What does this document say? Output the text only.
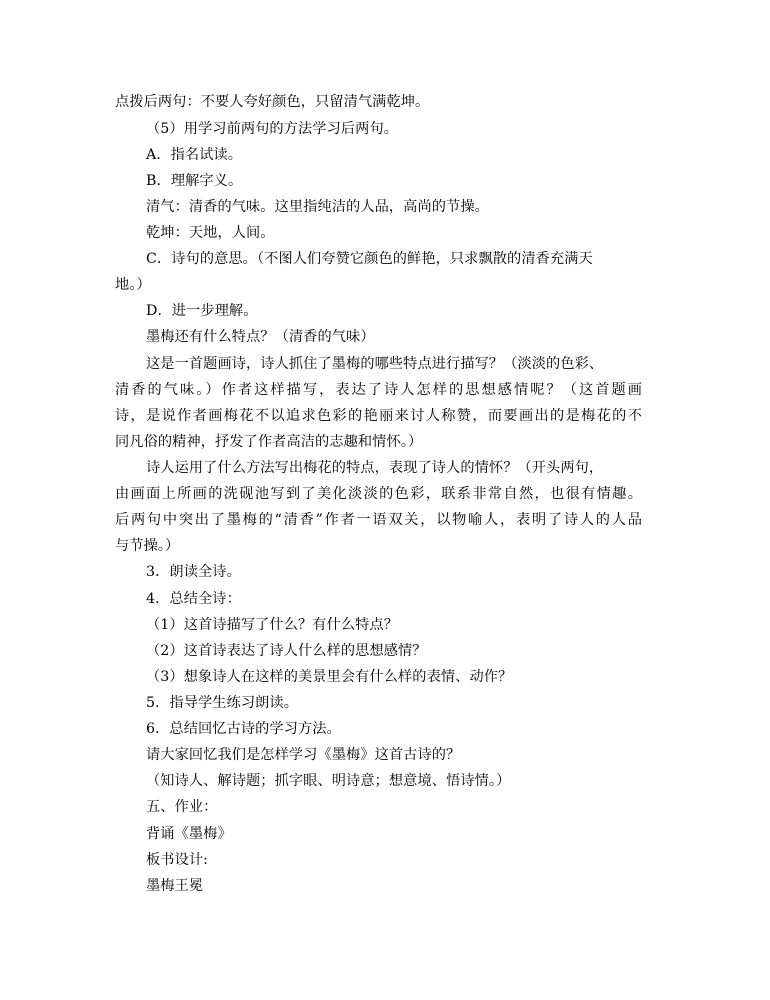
点拨后两句：不要人夸好颜色，只留清气满乾坤。
（5）用学习前两句的方法学习后两句。
A．指名试读。
B．理解字义。
清气：清香的气味。这里指纯洁的人品，高尚的节操。
乾坤：天地，人间。
C．诗句的意思。（不图人们夸赞它颜色的鲜艳，只求飘散的清香充满天
地。）
D．进一步理解。
墨梅还有什么特点？（清香的气味）
这是一首题画诗，诗人抓住了墨梅的哪些特点进行描写？（淡淡的色彩、
清香的气味。）作者这样描写，表达了诗人怎样的思想感情呢？（这首题画
诗，是说作者画梅花不以追求色彩的艳丽来讨人称赞，而要画出的是梅花的不
同凡俗的精神，抒发了作者高洁的志趣和情怀。）
诗人运用了什么方法写出梅花的特点，表现了诗人的情怀？（开头两句，
由画面上所画的洗砚池写到了美化淡淡的色彩，联系非常自然，也很有情趣。
后两句中突出了墨梅的“清香”作者一语双关，以物喻人，表明了诗人的人品
与节操。）
3．朗读全诗。
4．总结全诗：
（1）这首诗描写了什么？有什么特点？
（2）这首诗表达了诗人什么样的思想感情？
（3）想象诗人在这样的美景里会有什么样的表情、动作？
5．指导学生练习朗读。
6．总结回忆古诗的学习方法。
请大家回忆我们是怎样学习《墨梅》这首古诗的？
（知诗人、解诗题；抓字眼、明诗意；想意境、悟诗情。）
五、作业：
背诵《墨梅》
板书设计:
墨梅王冕
